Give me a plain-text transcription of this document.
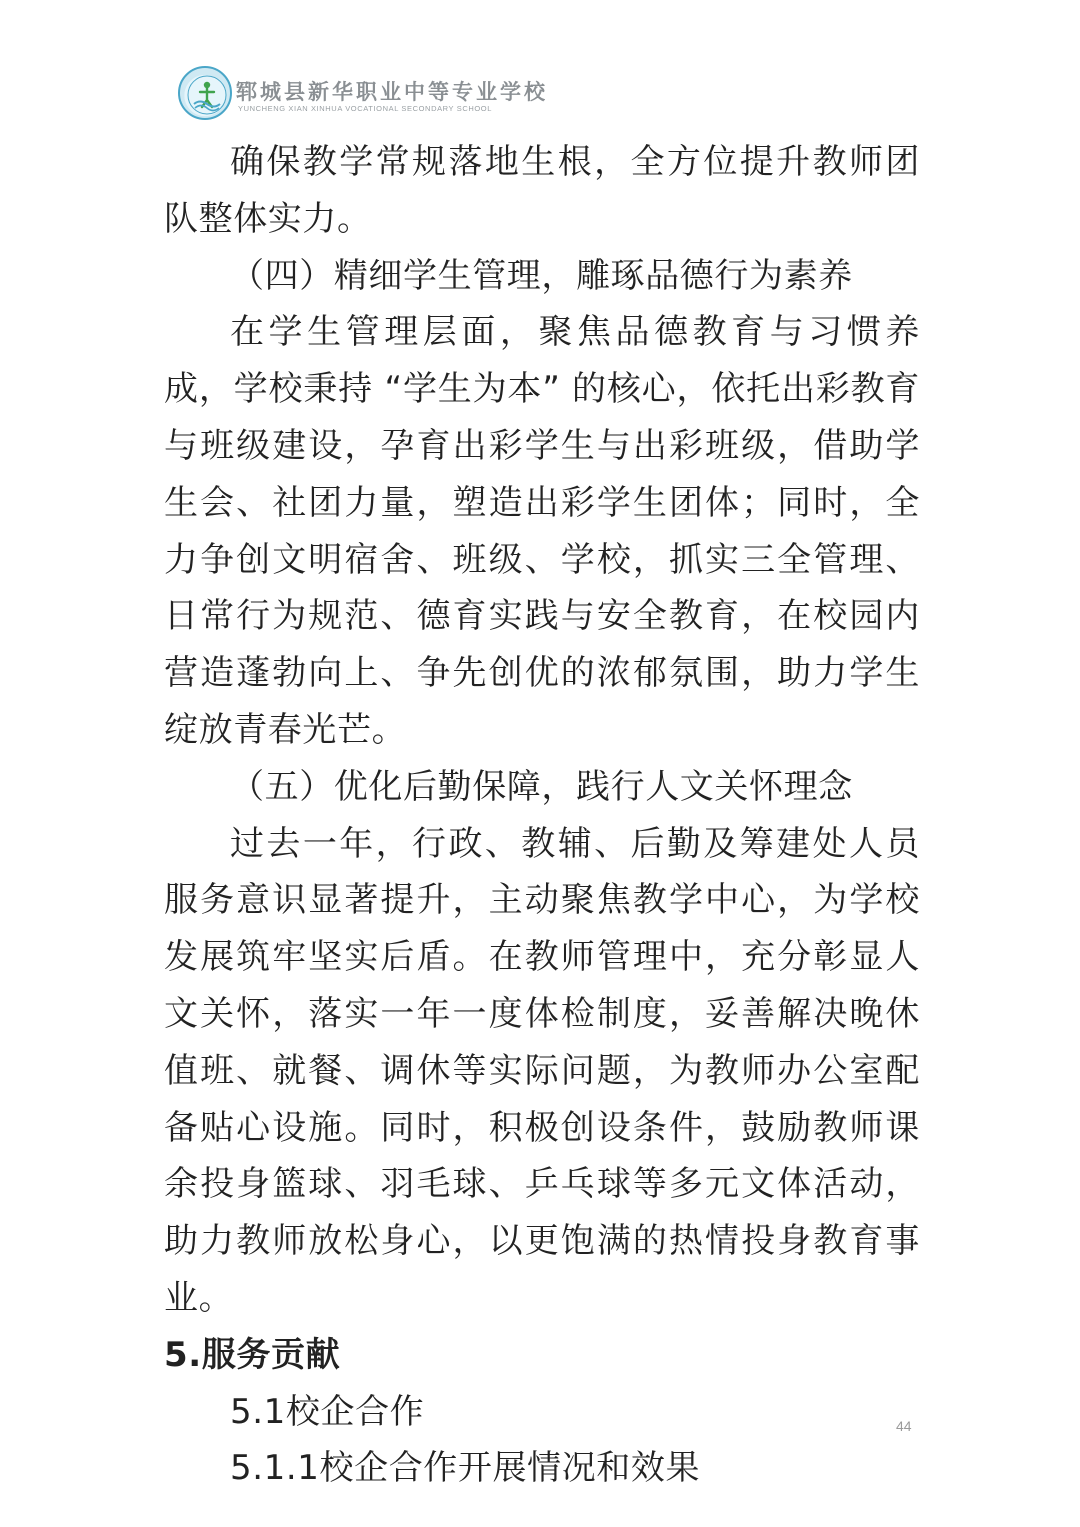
郓城县新华职业中等专业学校
YUNCHENG XIAN XINHUA VOCATIONAL SECONDARY SCHOOL

确保教学常规落地生根，全方位提升教师团队整体实力。

（四）精细学生管理，雕琢品德行为素养

在学生管理层面，聚焦品德教育与习惯养成，学校秉持 “学生为本” 的核心，依托出彩教育与班级建设，孕育出彩学生与出彩班级，借助学生会、社团力量，塑造出彩学生团体；同时，全力争创文明宿舍、班级、学校，抓实三全管理、日常行为规范、德育实践与安全教育，在校园内营造蓬勃向上、争先创优的浓郁氛围，助力学生绽放青春光芒。

（五）优化后勤保障，践行人文关怀理念

过去一年，行政、教辅、后勤及筹建处人员服务意识显著提升，主动聚焦教学中心，为学校发展筑牢坚实后盾。在教师管理中，充分彰显人文关怀，落实一年一度体检制度，妥善解决晚休值班、就餐、调休等实际问题，为教师办公室配备贴心设施。同时，积极创设条件，鼓励教师课余投身篮球、羽毛球、乒乓球等多元文体活动，助力教师放松身心，以更饱满的热情投身教育事业。

5.服务贡献

5.1校企合作

5.1.1校企合作开展情况和效果

44
